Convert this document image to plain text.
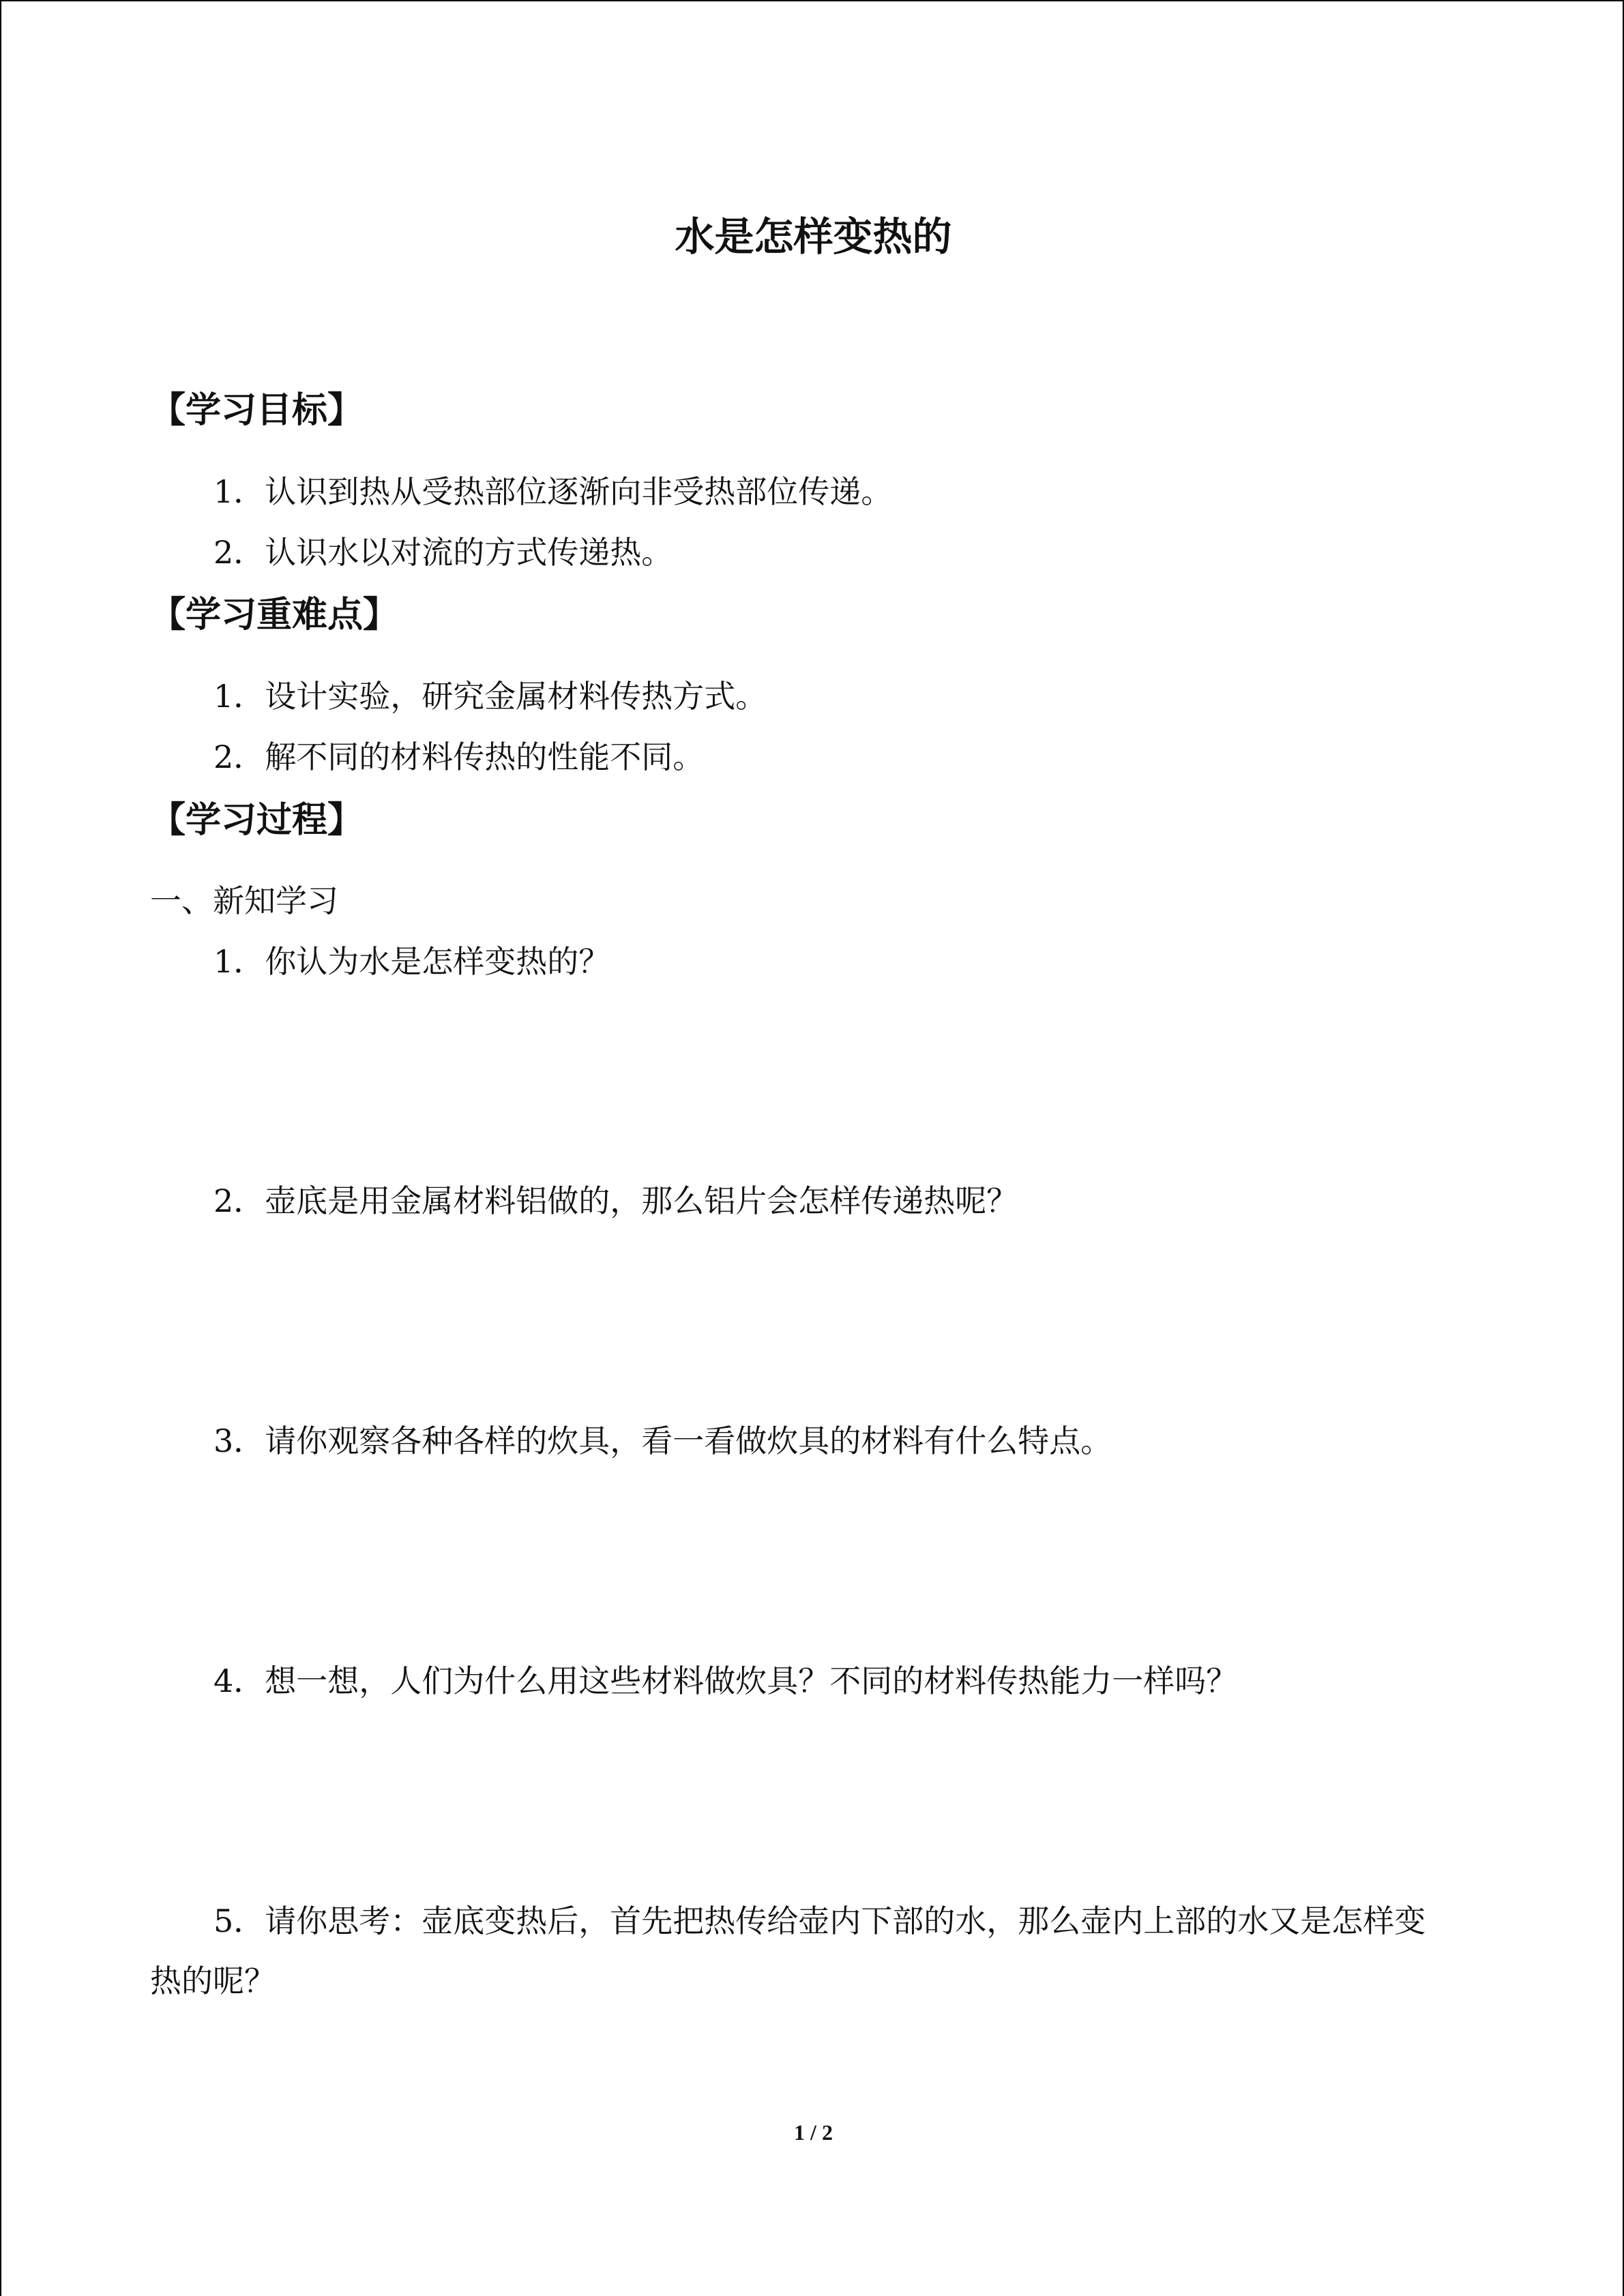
水是怎样变热的
【学习目标】
1．认识到热从受热部位逐渐向非受热部位传递。
2．认识水以对流的方式传递热。
【学习重难点】
1．设计实验，研究金属材料传热方式。
2．解不同的材料传热的性能不同。
【学习过程】
一、新知学习
1．你认为水是怎样变热的？
2．壶底是用金属材料铝做的，那么铝片会怎样传递热呢？
3．请你观察各种各样的炊具，看一看做炊具的材料有什么特点。
4．想一想，人们为什么用这些材料做炊具？不同的材料传热能力一样吗？
5．请你思考：壶底变热后，首先把热传给壶内下部的水，那么壶内上部的水又是怎样变
热的呢？
1 / 2
